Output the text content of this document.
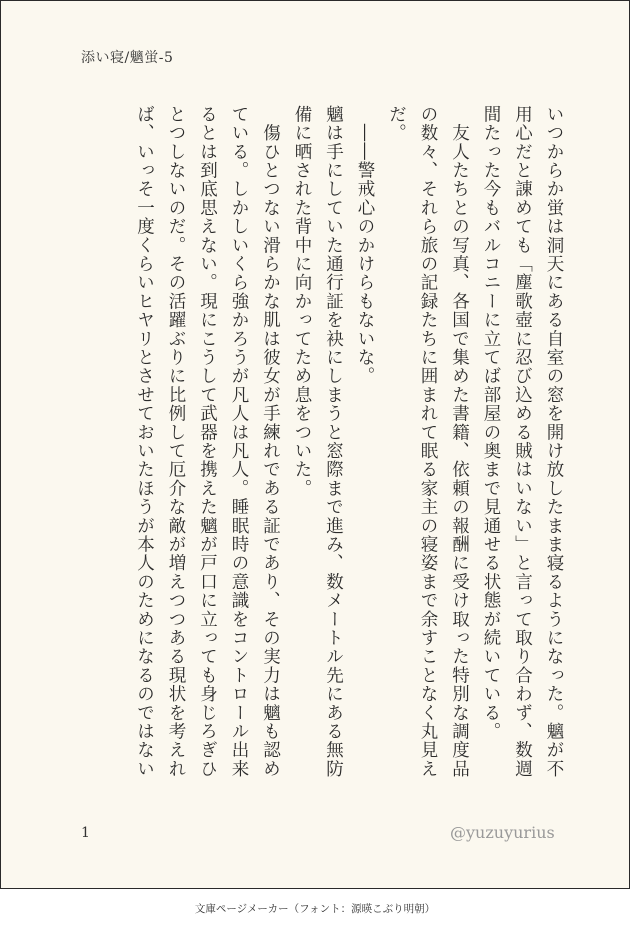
添い寝/魑蛍-5

いつからか蛍は洞天にある自室の窓を開け放したまま寝るようになった。魑が不用心だと諌めても「塵歌壺に忍び込める賊はいない」と言って取り合わず、数週間たった今もバルコニーに立てば部屋の奥まで見通せる状態が続いている。

　友人たちとの写真、各国で集めた書籍、依頼の報酬に受け取った特別な調度品の数々、それら旅の記録たちに囲まれて眠る家主の寝姿まで余すことなく丸見えだ。

　――警戒心のかけらもないな。

魑は手にしていた通行証を袂にしまうと窓際まで進み、数メートル先にある無防備に晒された背中に向かってため息をついた。

　傷ひとつない滑らかな肌は彼女が手練れである証であり、その実力は魑も認めている。しかしいくら強かろうが凡人は凡人。睡眠時の意識をコントロール出来るとは到底思えない。現にこうして武器を携えた魑が戸口に立っても身じろぎひとつしないのだ。その活躍ぶりに比例して厄介な敵が増えつつある現状を考えれば、いっそ一度くらいヒヤリとさせておいたほうが本人のためになるのではない

1	@yuzuyurius
文庫ページメーカー（フォント：源暎こぶり明朝）
